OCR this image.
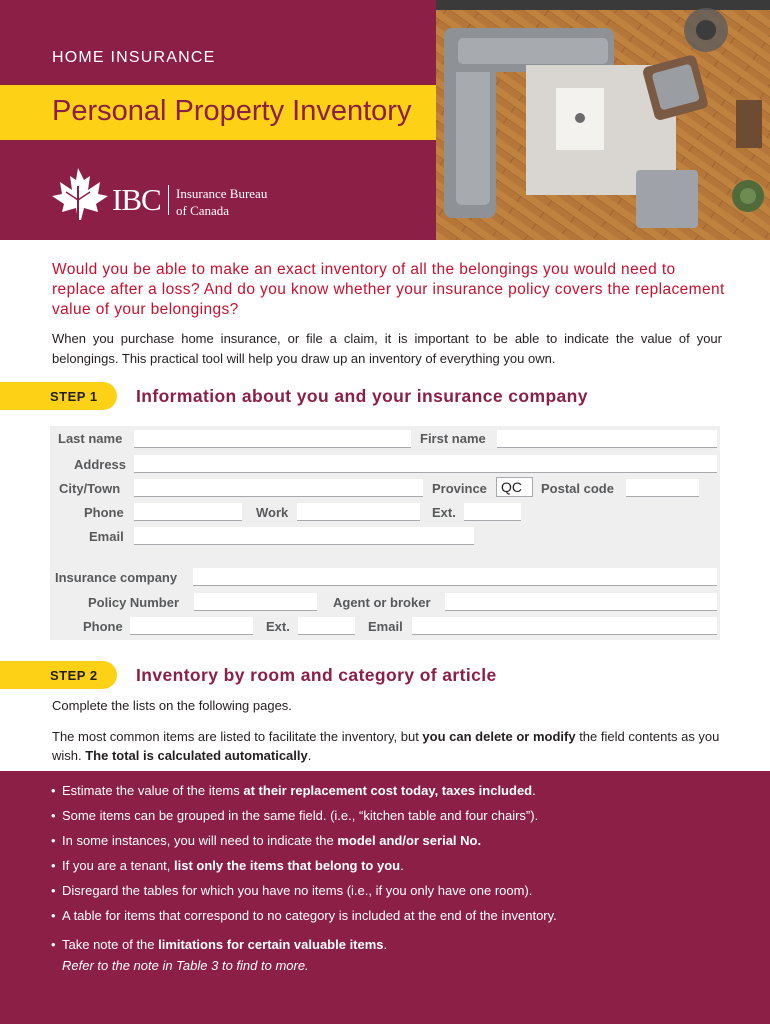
HOME INSURANCE
Personal Property Inventory
IBC Insurance Bureau
of Canada
Would you be able to make an exact inventory of all the belongings you would need to replace after a loss? And do you know whether your insurance policy covers the replacement value of your belongings?
When you purchase home insurance, or file a claim, it is important to be able to indicate the value of your belongings. This practical tool will help you draw up an inventory of everything you own.
STEP 1 Information about you and your insurance company
Last name	First name
Address
City/Town	Province	QC	Postal code
Phone	Work	Ext.
Email
Insurance company
Policy Number	Agent or broker
Phone	Ext.	Email
STEP 2 Inventory by room and category of article
Complete the lists on the following pages.
The most common items are listed to facilitate the inventory, but you can delete or modify the field contents as you wish. The total is calculated automatically.
• Estimate the value of the items at their replacement cost today, taxes included.
• Some items can be grouped in the same field. (i.e., “kitchen table and four chairs”).
• In some instances, you will need to indicate the model and/or serial No.
• If you are a tenant, list only the items that belong to you.
• Disregard the tables for which you have no items (i.e., if you only have one room).
• A table for items that correspond to no category is included at the end of the inventory.
• Take note of the limitations for certain valuable items.
Refer to the note in Table 3 to find to more.
